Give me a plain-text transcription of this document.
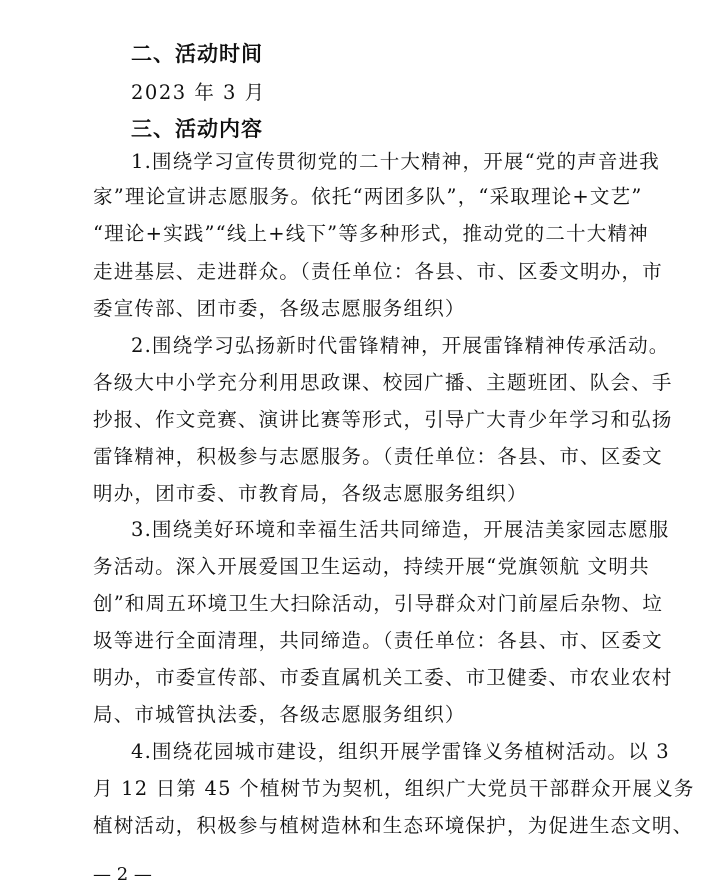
二、活动时间
2023 年 3 月
三、活动内容
1.围绕学习宣传贯彻党的二十大精神，开展“党的声音进我
家”理论宣讲志愿服务。依托“两团多队”，“采取理论+文艺”
“理论+实践”“线上+线下”等多种形式，推动党的二十大精神
走进基层、走进群众。（责任单位：各县、市、区委文明办，市
委宣传部、团市委，各级志愿服务组织）
2.围绕学习弘扬新时代雷锋精神，开展雷锋精神传承活动。
各级大中小学充分利用思政课、校园广播、主题班团、队会、手
抄报、作文竞赛、演讲比赛等形式，引导广大青少年学习和弘扬
雷锋精神，积极参与志愿服务。（责任单位：各县、市、区委文
明办，团市委、市教育局，各级志愿服务组织）
3.围绕美好环境和幸福生活共同缔造，开展洁美家园志愿服
务活动。深入开展爱国卫生运动，持续开展“党旗领航 文明共
创”和周五环境卫生大扫除活动，引导群众对门前屋后杂物、垃
圾等进行全面清理，共同缔造。（责任单位：各县、市、区委文
明办，市委宣传部、市委直属机关工委、市卫健委、市农业农村
局、市城管执法委，各级志愿服务组织）
4.围绕花园城市建设，组织开展学雷锋义务植树活动。以 3
月 12 日第 45 个植树节为契机，组织广大党员干部群众开展义务
植树活动，积极参与植树造林和生态环境保护，为促进生态文明、
— 2 —
